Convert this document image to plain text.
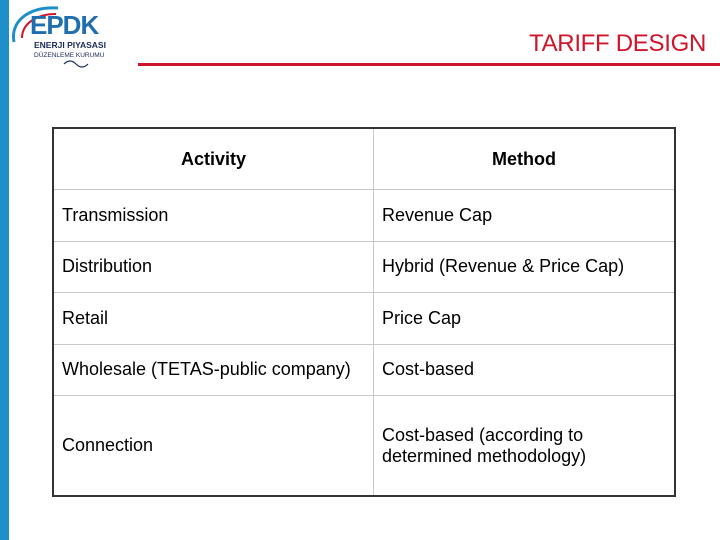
EPDK
ENERJI PIYASASI
DÜZENLEME KURUMU	TARIFF DESIGN
Activity	Method
Transmission	Revenue Cap
Distribution	Hybrid (Revenue & Price Cap)
Retail	Price Cap
Wholesale (TETAS-public company)	Cost-based
Connection	Cost-based (according to determined methodology)
